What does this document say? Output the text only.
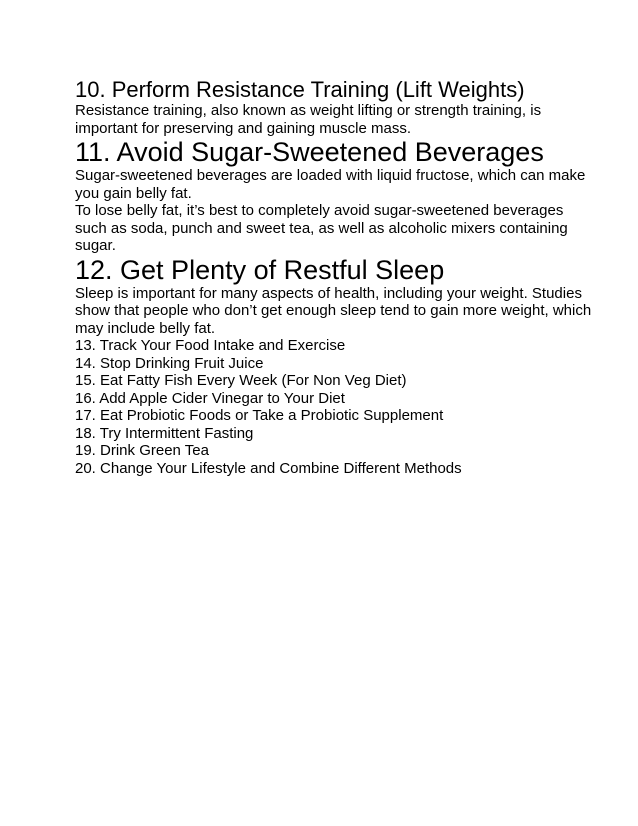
10. Perform Resistance Training (Lift Weights)

Resistance training, also known as weight lifting or strength training, is important for preserving and gaining muscle mass.

11. Avoid Sugar-Sweetened Beverages

Sugar-sweetened beverages are loaded with liquid fructose, which can make you gain belly fat.

To lose belly fat, it’s best to completely avoid sugar-sweetened beverages such as soda, punch and sweet tea, as well as alcoholic mixers containing sugar.

12. Get Plenty of Restful Sleep

Sleep is important for many aspects of health, including your weight. Studies show that people who don’t get enough sleep tend to gain more weight, which may include belly fat.

13. Track Your Food Intake and Exercise
14. Stop Drinking Fruit Juice
15. Eat Fatty Fish Every Week (For Non Veg Diet)
16. Add Apple Cider Vinegar to Your Diet
17. Eat Probiotic Foods or Take a Probiotic Supplement
18. Try Intermittent Fasting
19. Drink Green Tea
20. Change Your Lifestyle and Combine Different Methods
